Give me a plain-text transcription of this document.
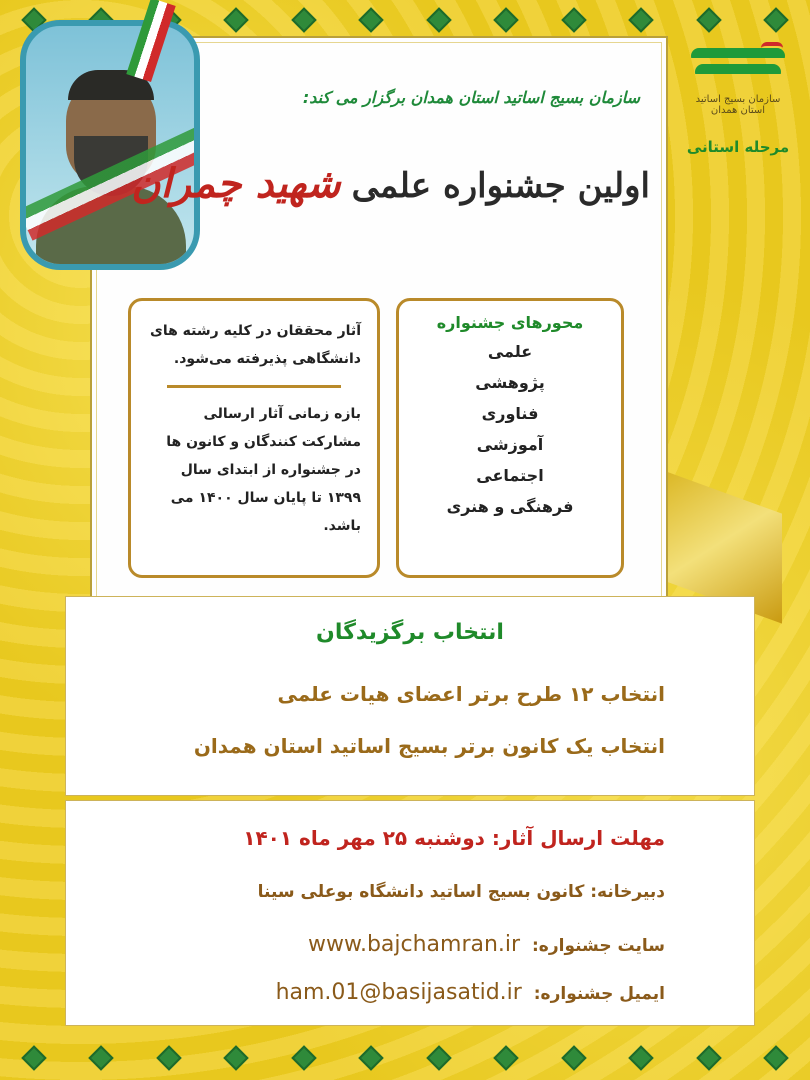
سازمان بسیج اساتید استان همدان
مرحله استانی
سازمان بسیج اساتید استان همدان برگزار می کند:
اولین جشنواره علمی شهید چمران
محورهای جشنواره
علمی
پژوهشی
فناوری
آموزشی
اجتماعی
فرهنگی و هنری
آثار محققان در کلیه رشته های دانشگاهی پذیرفته می‌شود.
بازه زمانی آثار ارسالی مشارکت کنندگان و کانون ها در جشنواره از ابتدای سال ۱۳۹۹ تا پایان سال ۱۴۰۰ می باشد.
انتخاب برگزیدگان
انتخاب ۱۲ طرح برتر اعضای هیات علمی
انتخاب یک کانون برتر بسیج اساتید استان همدان
مهلت ارسال آثار: دوشنبه ۲۵ مهر ماه ۱۴۰۱
دبیرخانه: کانون بسیج اساتید دانشگاه بوعلی سینا
سایت جشنواره: www.bajchamran.ir
ایمیل جشنواره: ham.01@basijasatid.ir
